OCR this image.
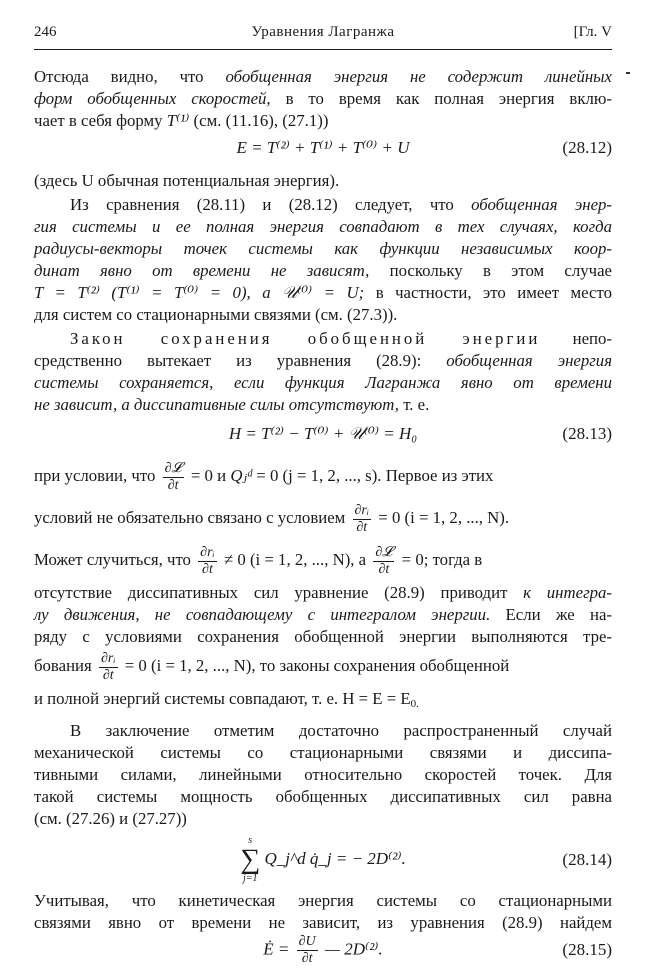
246	Уравнения Лагранжа	[Гл. V
Отсюда видно, что обобщенная энергия не содержит линейных
форм обобщенных скоростей, в то время как полная энергия вклю-
чает в себя форму T⁽¹⁾ (см. (11.16), (27.1))
E = T⁽²⁾ + T⁽¹⁾ + T⁽⁰⁾ + U	(28.12)
(здесь U обычная потенциальная энергия).
Из сравнения (28.11) и (28.12) следует, что обобщенная энер-
гия системы и ее полная энергия совпадают в тех случаях, когда
радиусы-векторы точек системы как функции независимых коор-
динат явно от времени не зависят, поскольку в этом случае
T = T⁽²⁾ (T⁽¹⁾ = T⁽⁰⁾ = 0), а 𝒰⁽⁰⁾ = U; в частности, это имеет место
для систем со стационарными связями (см. (27.3)).
Закон сохранения обобщенной энергии непо-
средственно вытекает из уравнения (28.9): обобщенная энергия
системы сохраняется, если функция Лагранжа явно от времени
не зависит, а диссипативные силы отсутствуют, т. е.
H = T⁽²⁾ − T⁽⁰⁾ + 𝒰⁽⁰⁾ = H₀	(28.13)
при условии, что $\frac{\text{∂𝓛}}{\partial t} = 0$ и Qⱼᵈ = 0 (j = 1, 2, ..., s). Первое из этих
условий не обязательно связано с условием $\frac{\text{∂rᵢ}}{\partial t} = 0$ (i = 1, 2, ..., N).
Может случиться, что $\frac{\text{∂rᵢ}}{\partial t} \ne 0$ (i = 1, 2, ..., N), а $\frac{\text{∂𝓛}}{\partial t} = 0$; тогда в
отсутствие диссипативных сил уравнение (28.9) приводит к интегра-
лу движения, не совпадающему с интегралом энергии. Если же на-
ряду с условиями сохранения обобщенной энергии выполняются тре-
бования $\frac{\text{∂rᵢ}}{\partial t} = 0$ (i = 1, 2, ..., N), то законы сохранения обобщенной
и полной энергий системы совпадают, т. е. $H = E = E_{0.}$
В заключение отметим достаточно распространенный случай
механической системы со стационарными связями и диссипа-
тивными силами, линейными относительно скоростей точек. Для
такой системы мощность обобщенных диссипативных сил равна
(см. (27.26) и (27.27))
s
∑
j=1
Q_j^d q̇_j = − 2D⁽²⁾.	(28.14)
Учитывая, что кинетическая энергия системы со стационарными
связями явно от времени не зависит, из уравнения (28.9) найдем
Ė = $\frac{\partial U}{\partial t}$ — 2D⁽²⁾.	(28.15)
